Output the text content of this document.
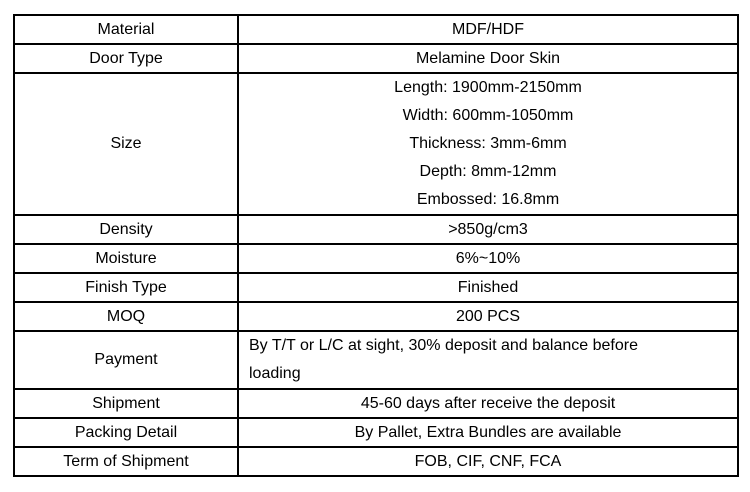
Material	MDF/HDF
Door Type	Melamine Door Skin
Size	Length: 1900mm-2150mm
Width: 600mm-1050mm
Thickness: 3mm-6mm
Depth: 8mm-12mm
Embossed: 16.8mm

Density	>850g/cm3
Moisture	6%~10%
Finish Type	Finished
MOQ	200 PCS
Payment	By T/T or L/C at sight, 30% deposit and balance before loading

Shipment	45-60 days after receive the deposit
Packing Detail	By Pallet, Extra Bundles are available
Term of Shipment	FOB, CIF, CNF, FCA
